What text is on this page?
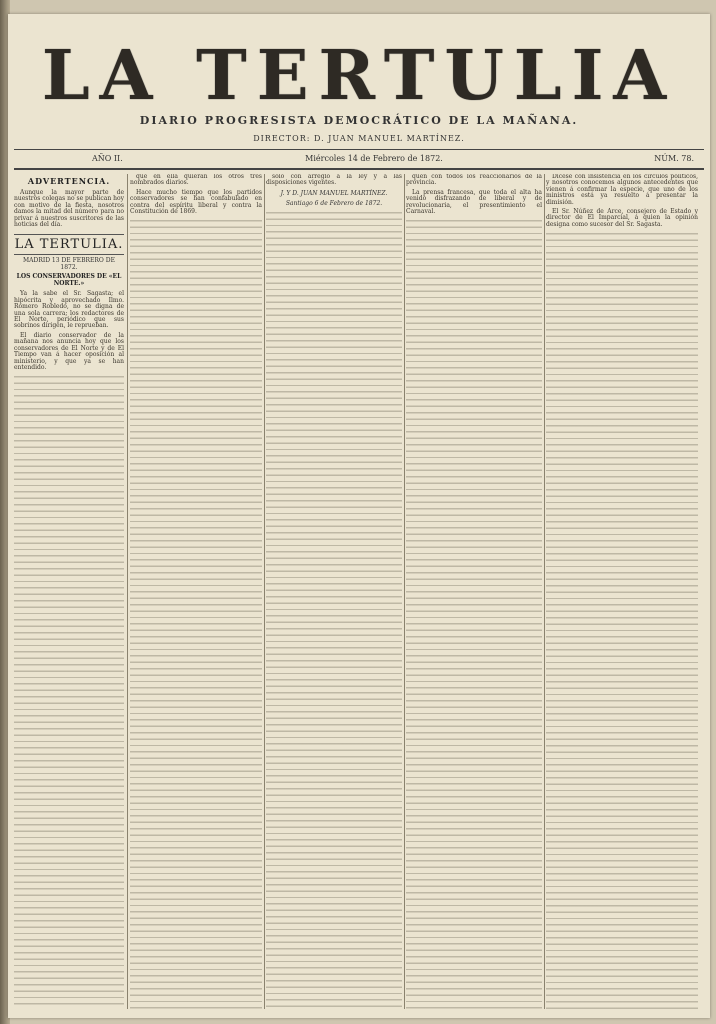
LA TERTULIA
DIARIO PROGRESISTA DEMOCRÁTICO DE LA MAÑANA.
DIRECTOR: D. JUAN MANUEL MARTÍNEZ.
AÑO II.	Miércoles 14 de Febrero de 1872.	NÚM. 78.
ADVERTENCIA.

Aunque la mayor parte de nuestros colegas no se publican hoy con motivo de la fiesta, nosotros damos la mitad del número para no privar á nuestros suscritores de las noticias del día.

LA TERTULIA.
MADRID 13 DE FEBRERO DE 1872.
LOS CONSERVADORES DE «EL NORTE.»

Ya la sabe el Sr. Sagasta; el hipócrita y aprovechado Ilmo. Romero Robledo, no se digna de una sola carrera; los redactores de El Norte, periódico que sus sobrinos dirigen, le reprueban.

El diario conservador de la mañana nos anuncia hoy que los conservadores de El Norte y de El Tiempo van á hacer oposición al ministerio, y que ya se han entendido.

que en ella quieran los otros tres nombrados diarios.

Hace mucho tiempo que los partidos conservadores se han confabulado en contra del espíritu liberal y contra la Constitución de 1869.

solo con arreglo á la ley y á las disposiciones vigentes.

J. Y D. JUAN MANUEL MARTÍNEZ.
Santiago 6 de Febrero de 1872.

quen con todos los reaccionarios de la provincia.

La prensa francesa, que toda el alta ha venido disfrazando de liberal y de revolucionaria, el presentimiento el Carnaval.

Dícese con insistencia en los círculos políticos, y nosotros conocemos algunos antecedentes que vienen á confirmar la especie, que uno de los ministros está ya resuelto á presentar la dimisión.

El Sr. Núñez de Arce, consejero de Estado y director de El Imparcial, á quien la opinión designa como sucesor del Sr. Sagasta.
